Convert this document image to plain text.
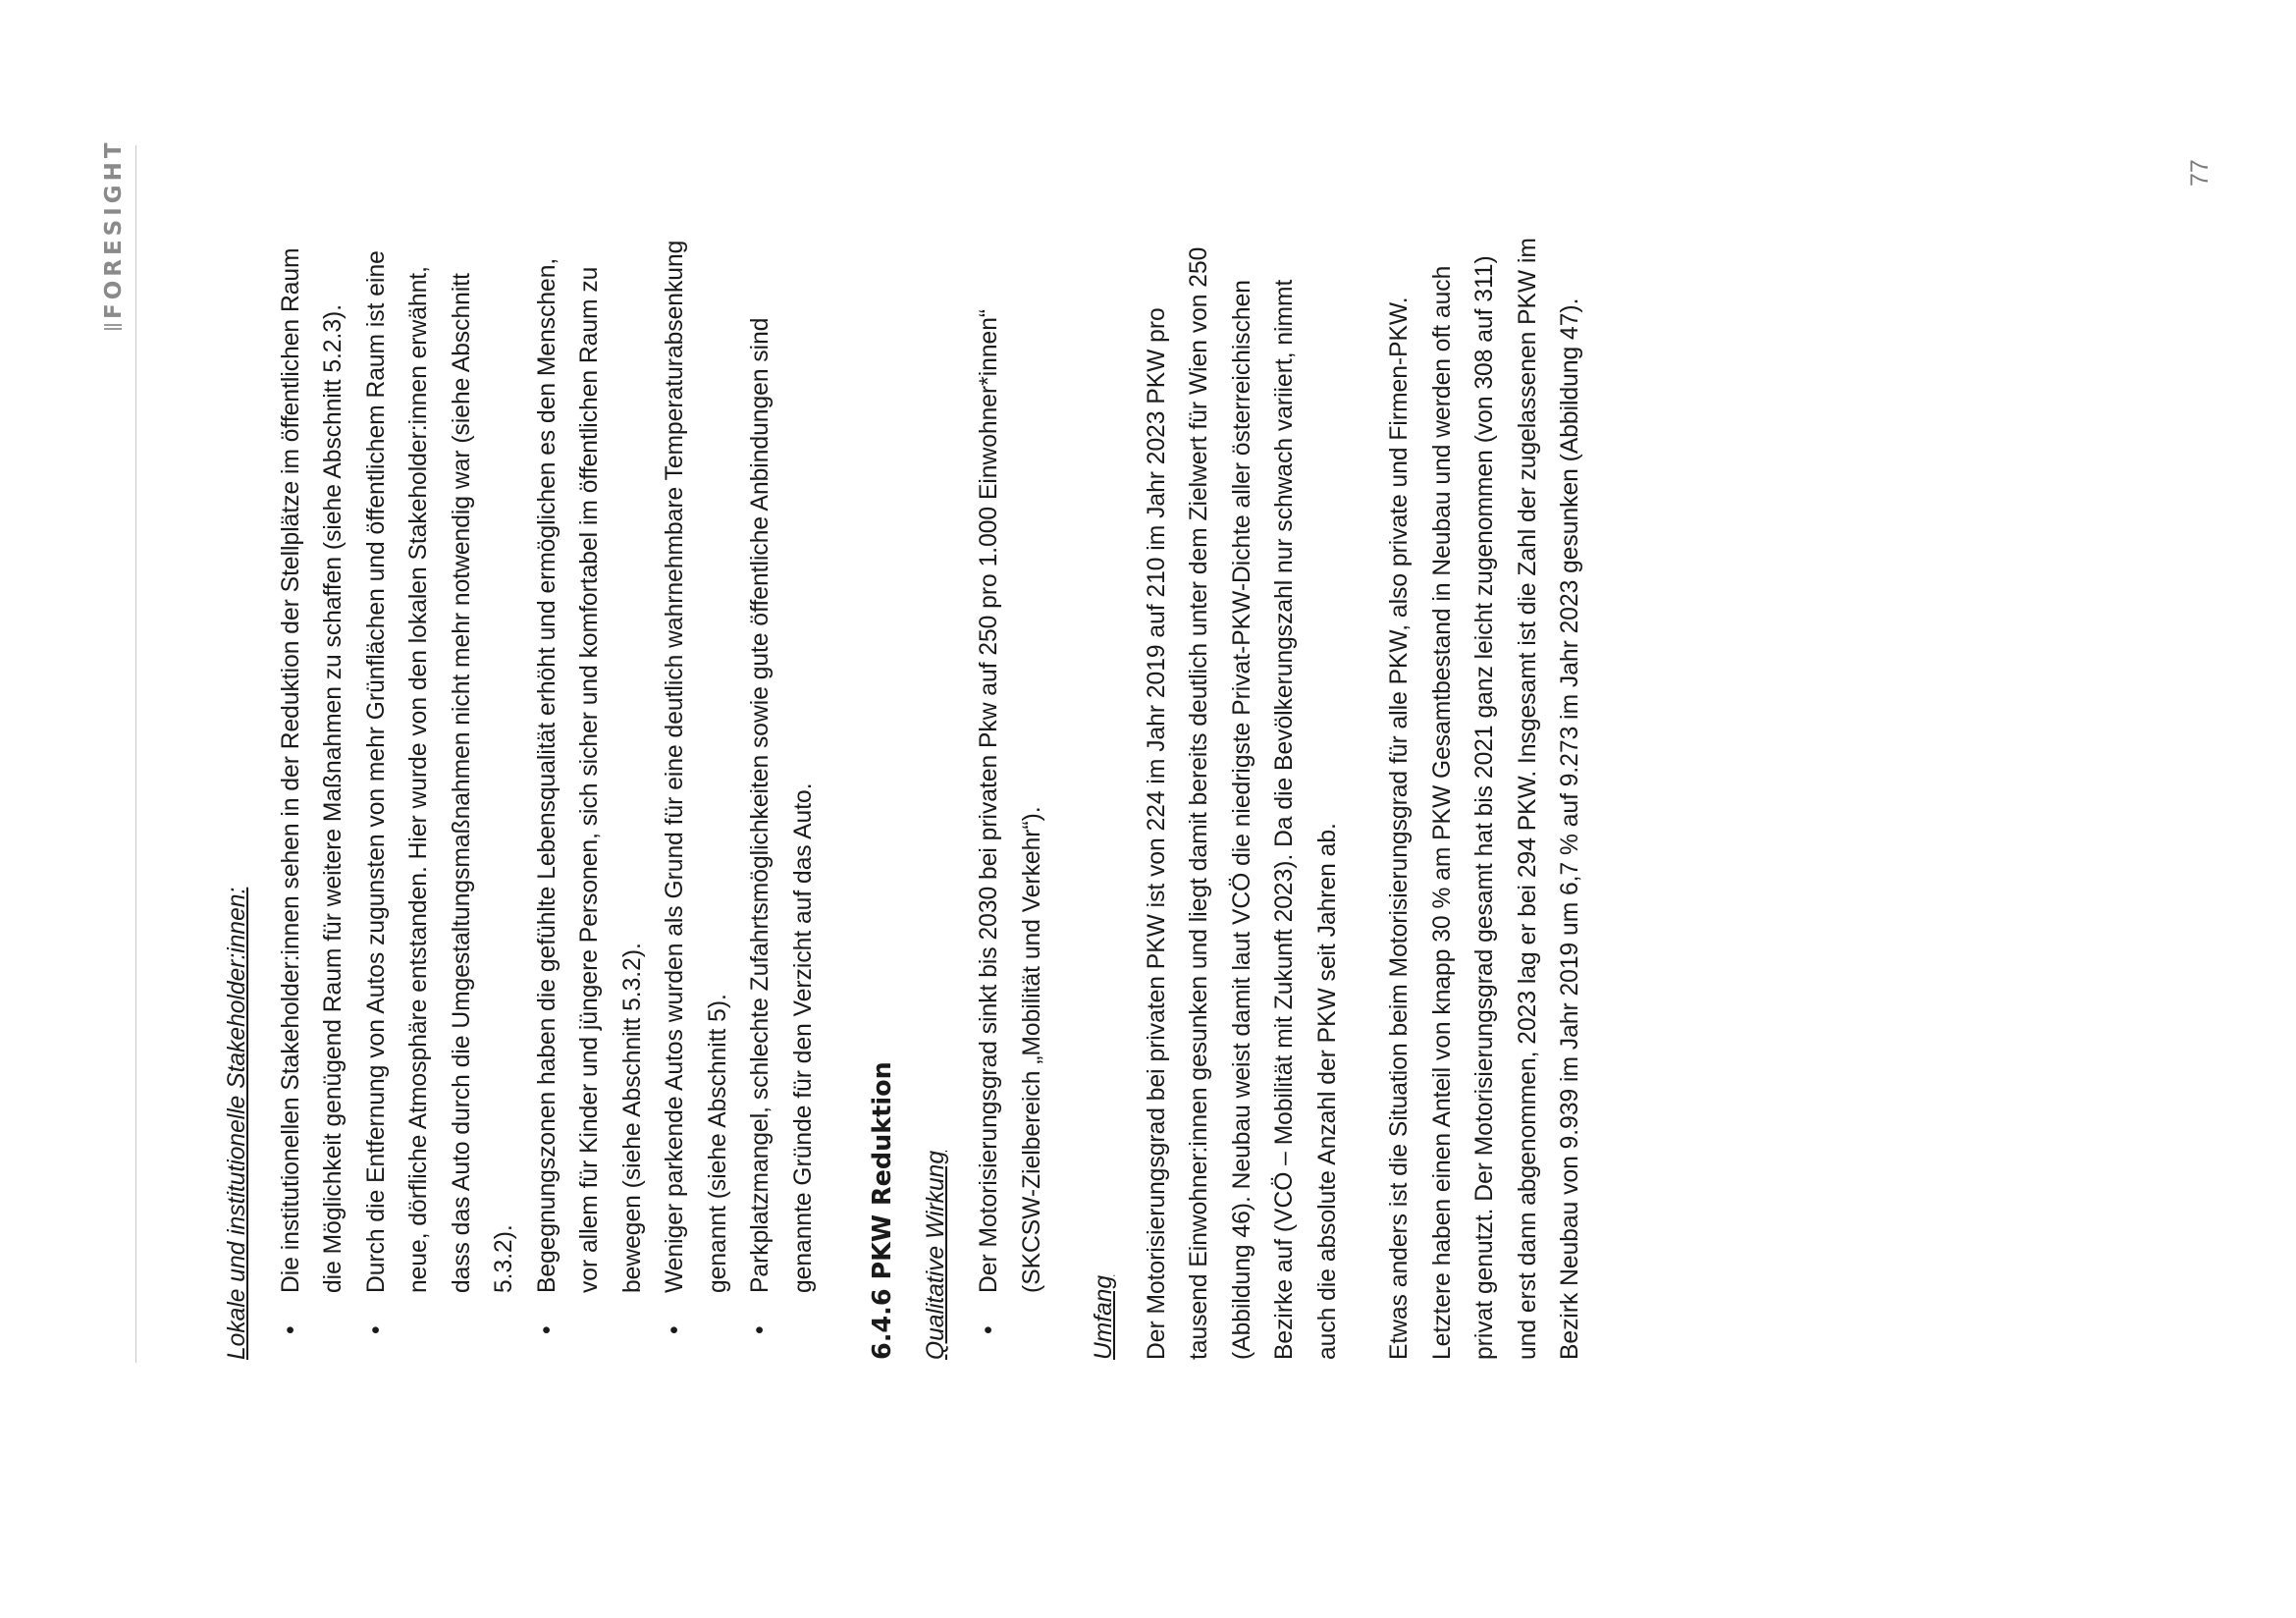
FORESIGHT

Lokale und institutionelle Stakeholder:innen:	•
Die institutionellen Stakeholder:innen sehen in der Reduktion der Stellplätze im öffentlichen Raum die Möglichkeit genügend Raum für weitere Maßnahmen zu schaffen (siehe Abschnitt 5.2.3).
•
Durch die Entfernung von Autos zugunsten von mehr Grünflächen und öffentlichem Raum ist eine neue, dörfliche Atmosphäre entstanden. Hier wurde von den lokalen Stakeholder:innen erwähnt, dass das Auto durch die Umgestaltungsmaßnahmen nicht mehr notwendig war (siehe Abschnitt 5.3.2).
•
Begegnungszonen haben die gefühlte Lebensqualität erhöht und ermöglichen es den Menschen, vor allem für Kinder und jüngere Personen, sich sicher und komfortabel im öffentlichen Raum zu bewegen (siehe Abschnitt 5.3.2).
•
Weniger parkende Autos wurden als Grund für eine deutlich wahrnehmbare Temperaturabsenkung genannt (siehe Abschnitt 5).
•
Parkplatzmangel, schlechte Zufahrtsmöglichkeiten sowie gute öffentliche Anbindungen sind genannte Gründe für den Verzicht auf das Auto.	6.4.6 PKW Reduktion	Qualitative Wirkung	•
Der Motorisierungsgrad sinkt bis 2030 bei privaten Pkw auf 250 pro 1.000 Einwohner*innen“ (SKCSW-Zielbereich „Mobilität und Verkehr“).

Umfang	Der Motorisierungsgrad bei privaten PKW ist von 224 im Jahr 2019 auf 210 im Jahr 2023 PKW pro tausend Einwohner:innen gesunken und liegt damit bereits deutlich unter dem Zielwert für Wien von 250 (Abbildung 46). Neubau weist damit laut VCÖ die niedrigste Privat-PKW-Dichte aller österreichischen Bezirke auf (VCÖ – Mobilität mit Zukunft 2023). Da die Bevölkerungszahl nur schwach variiert, nimmt auch die absolute Anzahl der PKW seit Jahren ab.	Etwas anders ist die Situation beim Motorisierungsgrad für alle PKW, also private und Firmen-PKW. Letztere haben einen Anteil von knapp 30 % am PKW Gesamtbestand in Neubau und werden oft auch privat genutzt. Der Motorisierungsgrad gesamt hat bis 2021 ganz leicht zugenommen (von 308 auf 311) und erst dann abgenommen, 2023 lag er bei 294 PKW. Insgesamt ist die Zahl der zugelassenen PKW im Bezirk Neubau von 9.939 im Jahr 2019 um 6,7 % auf 9.273 im Jahr 2023 gesunken (Abbildung 47).

77
